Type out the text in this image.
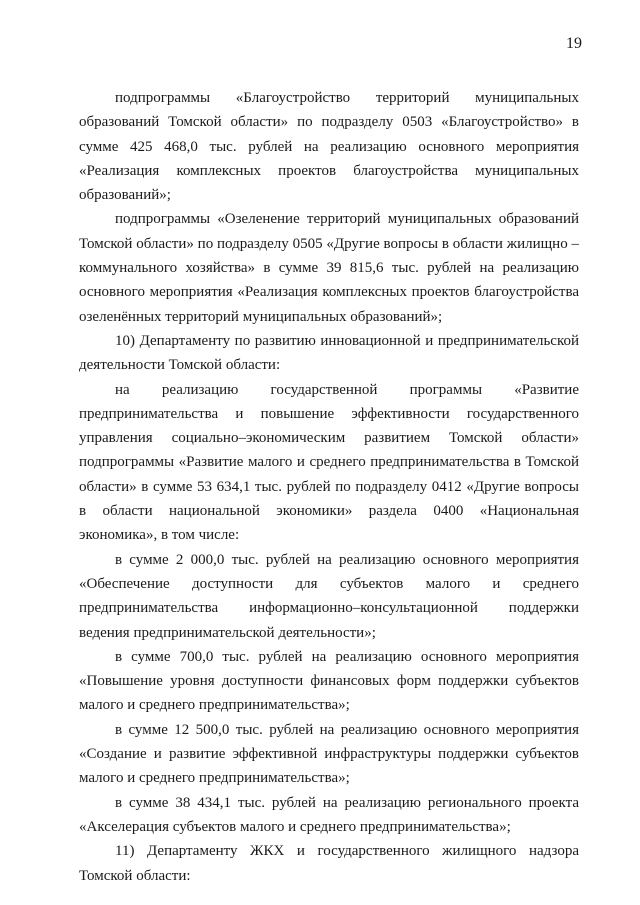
19

подпрограммы «Благоустройство территорий муниципальных образований Томской области» по подразделу 0503 «Благоустройство» в сумме 425 468,0 тыс. рублей на реализацию основного мероприятия «Реализация комплексных проектов благоустройства муниципальных образований»;

подпрограммы «Озеленение территорий муниципальных образований Томской области» по подразделу 0505 «Другие вопросы в области жилищно – коммунального хозяйства» в сумме 39 815,6 тыс. рублей на реализацию основного мероприятия «Реализация комплексных проектов благоустройства озеленённых территорий муниципальных образований»;

10) Департаменту по развитию инновационной и предпринимательской деятельности Томской области:

на реализацию государственной программы «Развитие предпринимательства и повышение эффективности государственного управления социально–экономическим развитием Томской области» подпрограммы «Развитие малого и среднего предпринимательства в Томской области» в сумме 53 634,1 тыс. рублей по подразделу 0412 «Другие вопросы в области национальной экономики» раздела 0400 «Национальная экономика», в том числе:

в сумме 2 000,0 тыс. рублей на реализацию основного мероприятия «Обеспечение доступности для субъектов малого и среднего предпринимательства информационно–консультационной поддержки ведения предпринимательской деятельности»;

в сумме 700,0 тыс. рублей на реализацию основного мероприятия «Повышение уровня доступности финансовых форм поддержки субъектов малого и среднего предпринимательства»;

в сумме 12 500,0 тыс. рублей на реализацию основного мероприятия «Создание и развитие эффективной инфраструктуры поддержки субъектов малого и среднего предпринимательства»;

в сумме 38 434,1 тыс. рублей на реализацию регионального проекта «Акселерация субъектов малого и среднего предпринимательства»;

11) Департаменту ЖКХ и государственного жилищного надзора Томской области:
